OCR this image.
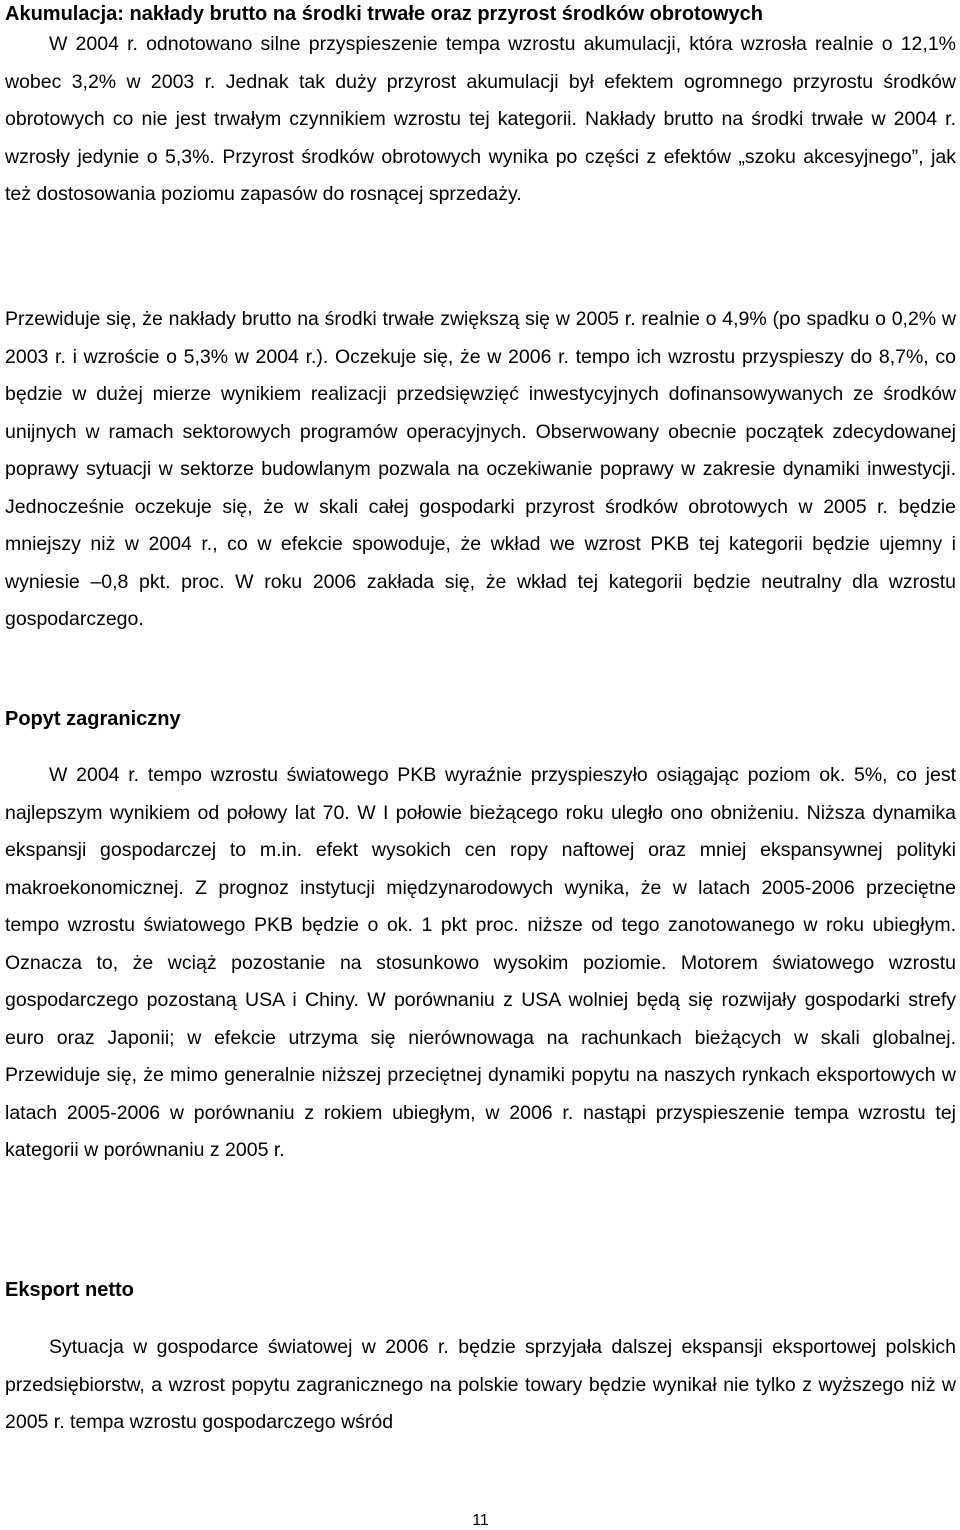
Akumulacja: nakłady brutto na środki trwałe oraz przyrost środków obrotowych

W 2004 r. odnotowano silne przyspieszenie tempa wzrostu akumulacji, która wzrosła realnie o 12,1% wobec 3,2% w 2003 r. Jednak tak duży przyrost akumulacji był efektem ogromnego przyrostu środków obrotowych co nie jest trwałym czynnikiem wzrostu tej kategorii. Nakłady brutto na środki trwałe w 2004 r. wzrosły jedynie o 5,3%. Przyrost środków obrotowych wynika po części z efektów „szoku akcesyjnego”, jak też dostosowania poziomu zapasów do rosnącej sprzedaży.

Przewiduje się, że nakłady brutto na środki trwałe zwiększą się w 2005 r. realnie o 4,9% (po spadku o 0,2% w 2003 r. i wzroście o 5,3% w 2004 r.). Oczekuje się, że w 2006 r. tempo ich wzrostu przyspieszy do 8,7%, co będzie w dużej mierze wynikiem realizacji przedsięwzięć inwestycyjnych dofinansowywanych ze środków unijnych w ramach sektorowych programów operacyjnych. Obserwowany obecnie początek zdecydowanej poprawy sytuacji w sektorze budowlanym pozwala na oczekiwanie poprawy w zakresie dynamiki inwestycji. Jednocześnie oczekuje się, że w skali całej gospodarki przyrost środków obrotowych w 2005 r. będzie mniejszy niż w 2004 r., co w efekcie spowoduje, że wkład we wzrost PKB tej kategorii będzie ujemny i wyniesie –0,8 pkt. proc. W roku 2006 zakłada się, że wkład tej kategorii będzie neutralny dla wzrostu gospodarczego.

Popyt zagraniczny

W 2004 r. tempo wzrostu światowego PKB wyraźnie przyspieszyło osiągając poziom ok. 5%, co jest najlepszym wynikiem od połowy lat 70. W I połowie bieżącego roku uległo ono obniżeniu. Niższa dynamika ekspansji gospodarczej to m.in. efekt wysokich cen ropy naftowej oraz mniej ekspansywnej polityki makroekonomicznej. Z prognoz instytucji międzynarodowych wynika, że w latach 2005-2006 przeciętne tempo wzrostu światowego PKB będzie o ok. 1 pkt proc. niższe od tego zanotowanego w roku ubiegłym. Oznacza to, że wciąż pozostanie na stosunkowo wysokim poziomie. Motorem światowego wzrostu gospodarczego pozostaną USA i Chiny. W porównaniu z USA wolniej będą się rozwijały gospodarki strefy euro oraz Japonii; w efekcie utrzyma się nierównowaga na rachunkach bieżących w skali globalnej. Przewiduje się, że mimo generalnie niższej przeciętnej dynamiki popytu na naszych rynkach eksportowych w latach 2005-2006 w porównaniu z rokiem ubiegłym, w 2006 r. nastąpi przyspieszenie tempa wzrostu tej kategorii w porównaniu z 2005 r.

Eksport netto

Sytuacja w gospodarce światowej w 2006 r. będzie sprzyjała dalszej ekspansji eksportowej polskich przedsiębiorstw, a wzrost popytu zagranicznego na polskie towary będzie wynikał nie tylko z wyższego niż w 2005 r. tempa wzrostu gospodarczego wśród

11
